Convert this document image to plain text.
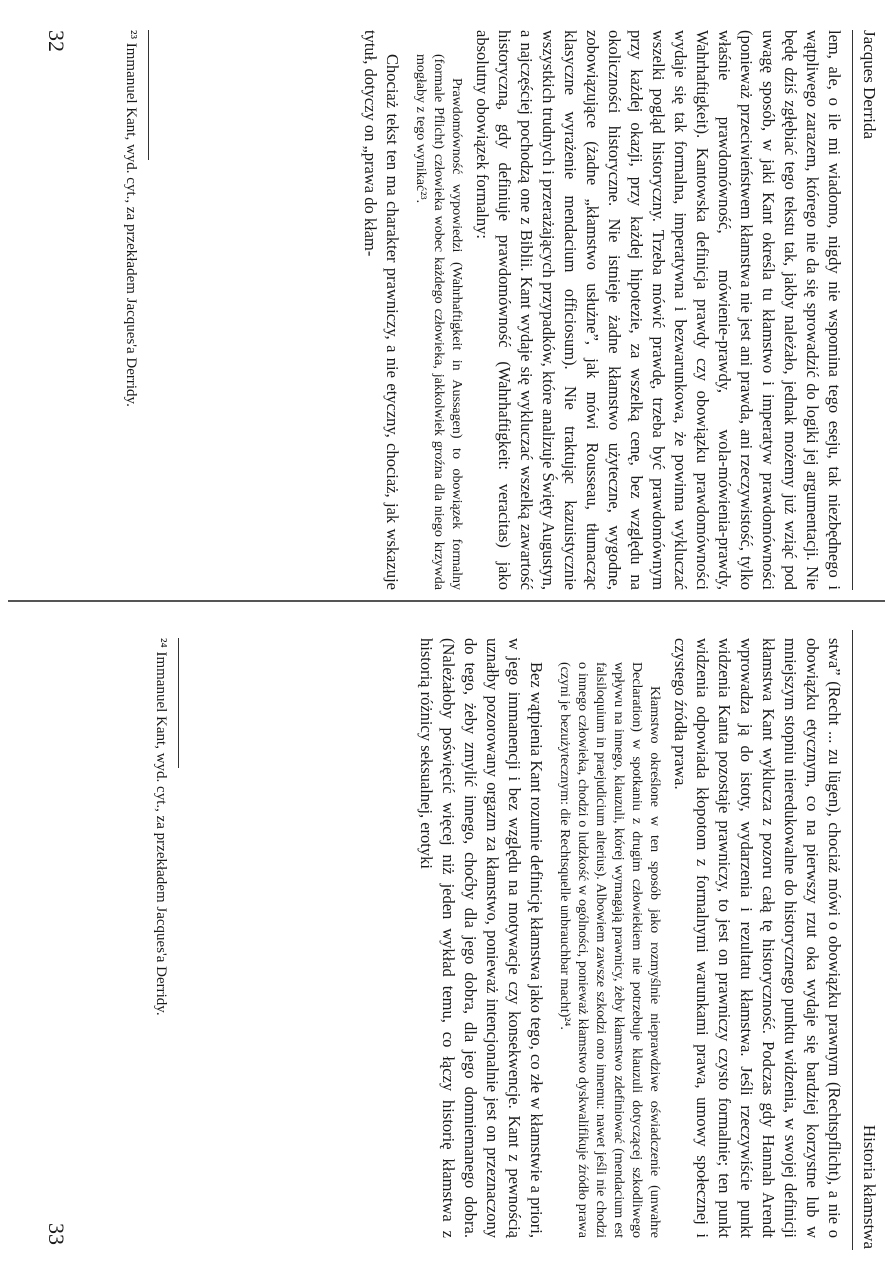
Jacques Derrida

lem, ale, o ile mi wiadomo, nigdy nie wspomina tego eseju, tak niezbędnego i wątpliwego zarazem, którego nie da się sprowadzić do logiki jej argumentacji. Nie będę dziś zgłębiać tego tekstu tak, jakby należało, jednak możemy już wziąć pod uwagę sposób, w jaki Kant określa tu kłamstwo i imperatyw prawdomówności (ponieważ przeciwieństwem kłamstwa nie jest ani prawda, ani rzeczywistość, tylko właśnie prawdomówność, mówienie-prawdy, wola-mówienia-prawdy, Wahrhaftigkeit). Kantowska definicja prawdy czy obowiązku prawdomówności wydaje się tak formalna, imperatywna i bezwarunkowa, że powinna wykluczać wszelki pogląd historyczny. Trzeba mówić prawdę, trzeba być prawdomównym przy każdej okazji, przy każdej hipotezie, za wszelką cenę, bez względu na okoliczności historyczne. Nie istnieje żadne kłamstwo użyteczne, wygodne, zobowiązujące (żadne „kłamstwo usłużne”, jak mówi Rousseau, tłumacząc klasyczne wyrażenie mendacium officiosum). Nie traktując kazuistycznie wszystkich trudnych i przerażających przypadków, które analizuje Święty Augustyn, a najczęściej pochodzą one z Biblii. Kant wydaje się wykluczać wszelką zawartość historyczną, gdy definiuje prawdomówność (Wahrhaftigkeit: veracitas) jako absolutny obowiązek formalny:

Prawdomówność wypowiedzi (Wahrhaftigkeit in Aussagen) to obowiązek formalny (formale Pflicht) człowieka wobec każdego człowieka, jakkolwiek groźna dla niego krzywda mogłaby z tego wynikać²³.

Chociaż tekst ten ma charakter prawniczy, a nie etyczny, chociaż, jak wskazuje tytuł, dotyczy on „prawa do kłam-

²³ Immanuel Kant, wyd. cyt., za przekładem Jacques'a Derridy.
32
Historia kłamstwa

stwa” (Recht ... zu lügen), chociaż mówi o obowiązku prawnym (Rechtspflicht), a nie o obowiązku etycznym, co na pierwszy rzut oka wydaje się bardziej korzystne lub w mniejszym stopniu nieredukowalne do historycznego punktu widzenia, w swojej definicji kłamstwa Kant wyklucza z pozoru całą tę historyczność. Podczas gdy Hannah Arendt wprowadza ją do istoty, wydarzenia i rezultatu kłamstwa. Jeśli rzeczywiście punkt widzenia Kanta pozostaje prawniczy, to jest on prawniczy czysto formalnie; ten punkt widzenia odpowiada kłopotom z formalnymi warunkami prawa, umowy społecznej i czystego źródła prawa.

Kłamstwo określone w ten sposób jako rozmyślnie nieprawdziwe oświadczenie (unwahre Declaration) w spotkaniu z drugim człowiekiem nie potrzebuje klauzuli dotyczącej szkodliwego wpływu na innego, klauzuli, której wymagają prawnicy, żeby kłamstwo zdefiniować (mendacium est falsiloquium in praejudicium alterius). Albowiem zawsze szkodzi ono innemu: nawet jeśli nie chodzi o innego człowieka, chodzi o ludzkość w ogólności, ponieważ kłamstwo dyskwalifikuje źródło prawa (czyni je bezużytecznym: die Rechtsquelle unbrauchbar macht)²⁴.

Bez wątpienia Kant rozumie definicję kłamstwa jako tego, co złe w kłamstwie a priori, w jego immanencji i bez względu na motywacje czy konsekwencje. Kant z pewnością uznałby pozorowany orgazm za kłamstwo, ponieważ intencjonalnie jest on przeznaczony do tego, żeby zmylić innego, choćby dla jego dobra, dla jego domniemanego dobra. (Należałoby poświęcić więcej niż jeden wykład temu, co łączy historię kłamstwa z historią różnicy seksualnej, erotyki

²⁴ Immanuel Kant, wyd. cyt., za przekładem Jacques'a Derridy.
33
